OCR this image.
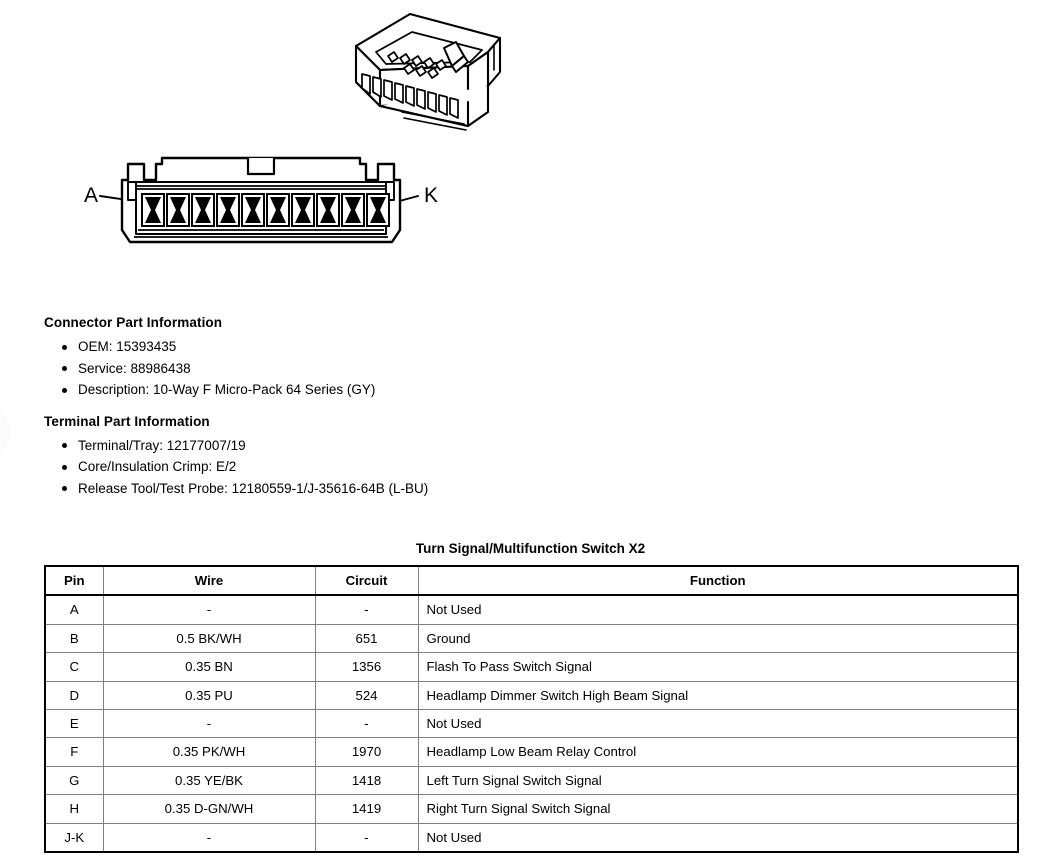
A	K
Connector Part Information
OEM: 15393435
Service: 88986438
Description: 10-Way F Micro-Pack 64 Series (GY)
Terminal Part Information
Terminal/Tray: 12177007/19
Core/Insulation Crimp: E/2
Release Tool/Test Probe: 12180559-1/J-35616-64B (L-BU)
Turn Signal/Multifunction Switch X2
Pin	Wire	Circuit	Function
A	-	-	Not Used
B	0.5 BK/WH	651	Ground
C	0.35 BN	1356	Flash To Pass Switch Signal
D	0.35 PU	524	Headlamp Dimmer Switch High Beam Signal
E	-	-	Not Used
F	0.35 PK/WH	1970	Headlamp Low Beam Relay Control
G	0.35 YE/BK	1418	Left Turn Signal Switch Signal
H	0.35 D-GN/WH	1419	Right Turn Signal Switch Signal
J-K	-	-	Not Used
